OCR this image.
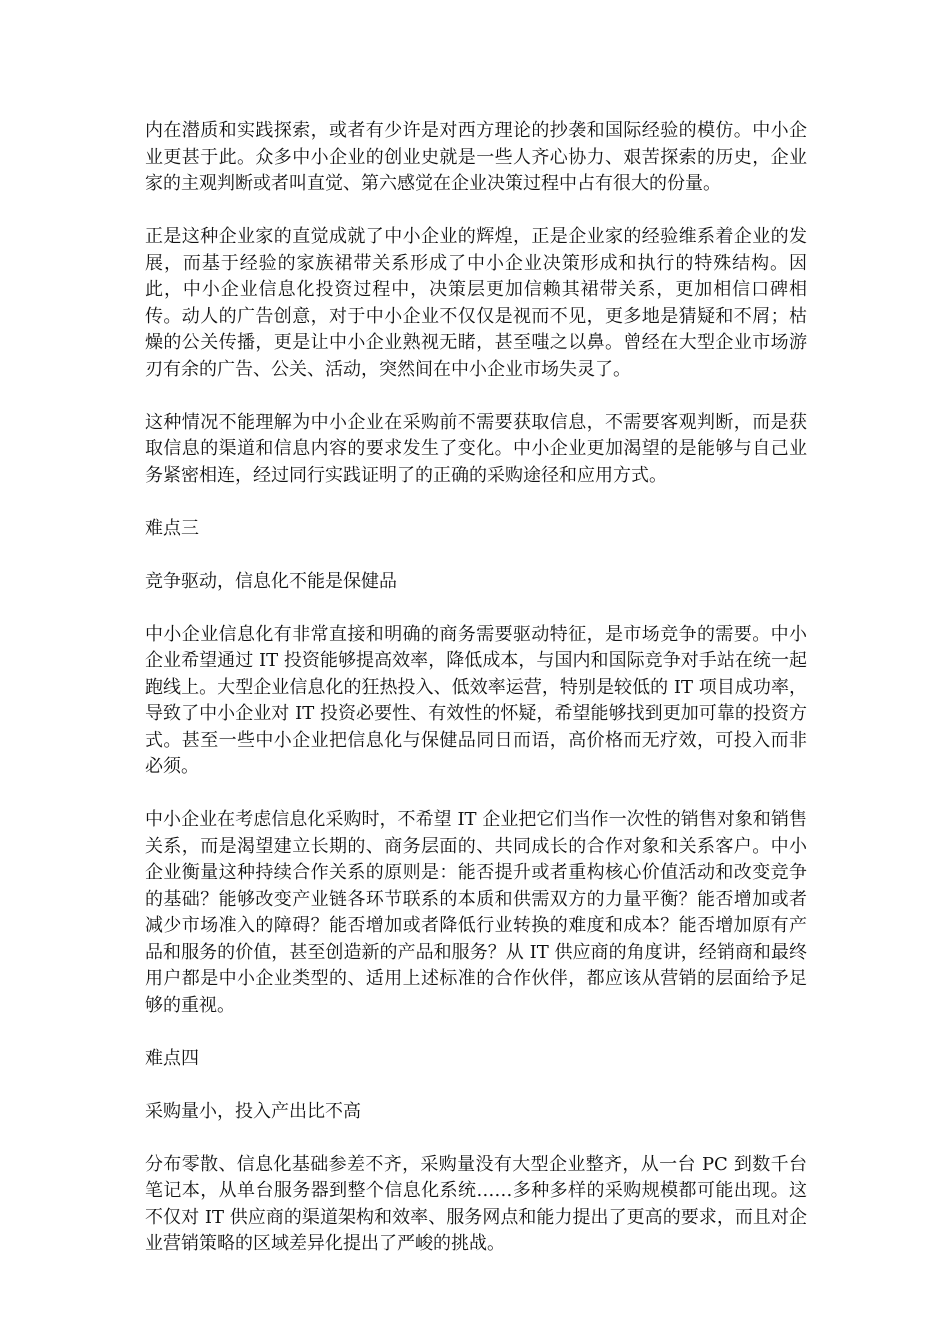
内在潜质和实践探索，或者有少许是对西方理论的抄袭和国际经验的模仿。中小企业更甚于此。众多中小企业的创业史就是一些人齐心协力、艰苦探索的历史，企业家的主观判断或者叫直觉、第六感觉在企业决策过程中占有很大的份量。

正是这种企业家的直觉成就了中小企业的辉煌，正是企业家的经验维系着企业的发展，而基于经验的家族裙带关系形成了中小企业决策形成和执行的特殊结构。因此，中小企业信息化投资过程中，决策层更加信赖其裙带关系，更加相信口碑相传。动人的广告创意，对于中小企业不仅仅是视而不见，更多地是猜疑和不屑；枯燥的公关传播，更是让中小企业熟视无睹，甚至嗤之以鼻。曾经在大型企业市场游刃有余的广告、公关、活动，突然间在中小企业市场失灵了。

这种情况不能理解为中小企业在采购前不需要获取信息，不需要客观判断，而是获取信息的渠道和信息内容的要求发生了变化。中小企业更加渴望的是能够与自己业务紧密相连，经过同行实践证明了的正确的采购途径和应用方式。

难点三

竞争驱动，信息化不能是保健品

中小企业信息化有非常直接和明确的商务需要驱动特征，是市场竞争的需要。中小企业希望通过 IT 投资能够提高效率，降低成本，与国内和国际竞争对手站在统一起跑线上。大型企业信息化的狂热投入、低效率运营，特别是较低的 IT 项目成功率，导致了中小企业对 IT 投资必要性、有效性的怀疑，希望能够找到更加可靠的投资方式。甚至一些中小企业把信息化与保健品同日而语，高价格而无疗效，可投入而非必须。

中小企业在考虑信息化采购时，不希望 IT 企业把它们当作一次性的销售对象和销售关系，而是渴望建立长期的、商务层面的、共同成长的合作对象和关系客户。中小企业衡量这种持续合作关系的原则是：能否提升或者重构核心价值活动和改变竞争的基础？能够改变产业链各环节联系的本质和供需双方的力量平衡？能否增加或者减少市场准入的障碍？能否增加或者降低行业转换的难度和成本？能否增加原有产品和服务的价值，甚至创造新的产品和服务？从 IT 供应商的角度讲，经销商和最终用户都是中小企业类型的、适用上述标准的合作伙伴，都应该从营销的层面给予足够的重视。

难点四

采购量小，投入产出比不高

分布零散、信息化基础参差不齐，采购量没有大型企业整齐，从一台 PC 到数千台笔记本，从单台服务器到整个信息化系统……多种多样的采购规模都可能出现。这不仅对 IT 供应商的渠道架构和效率、服务网点和能力提出了更高的要求，而且对企业营销策略的区域差异化提出了严峻的挑战。
